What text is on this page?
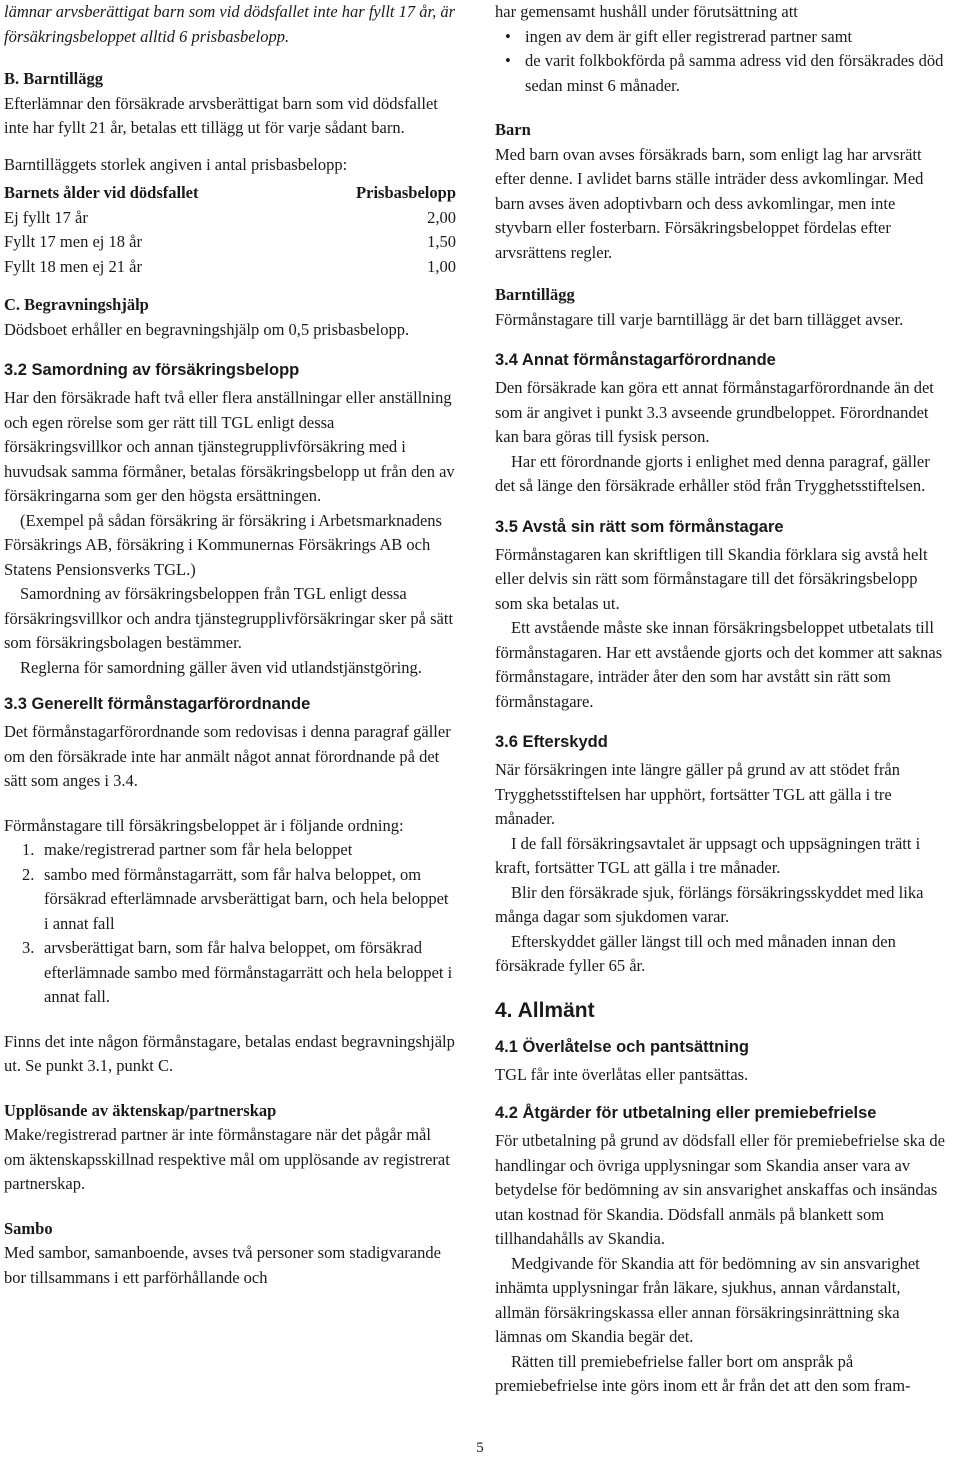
lämnar arvsberättigat barn som vid dödsfallet inte har fyllt 17 år, är försäkringsbeloppet alltid 6 prisbasbelopp.

B. Barntillägg

Efterlämnar den försäkrade arvsberättigat barn som vid dödsfallet inte har fyllt 21 år, betalas ett tillägg ut för varje sådant barn.

Barntilläggets storlek angiven i antal prisbasbelopp:

Barnets ålder vid dödsfallet	Prisbasbelopp
Ej fyllt 17 år	2,00
Fyllt 17 men ej 18 år	1,50
Fyllt 18 men ej 21 år	1,00

C. Begravningshjälp

Dödsboet erhåller en begravningshjälp om 0,5 prisbasbelopp.

3.2 Samordning av försäkringsbelopp

Har den försäkrade haft två eller flera anställningar eller anställning och egen rörelse som ger rätt till TGL enligt dessa försäkringsvillkor och annan tjänstegrupplivförsäkring med i huvudsak samma förmåner, betalas försäkringsbelopp ut från den av försäkringarna som ger den högsta ersättningen.

(Exempel på sådan försäkring är försäkring i Arbetsmarknadens Försäkrings AB, försäkring i Kommunernas Försäkrings AB och Statens Pensionsverks TGL.)

Samordning av försäkringsbeloppen från TGL enligt dessa försäkringsvillkor och andra tjänstegrupplivförsäkringar sker på sätt som försäkringsbolagen bestämmer.

Reglerna för samordning gäller även vid utlandstjänstgöring.

3.3 Generellt förmånstagarförordnande

Det förmånstagarförordnande som redovisas i denna paragraf gäller om den försäkrade inte har anmält något annat förordnande på det sätt som anges i 3.4.

Förmånstagare till försäkringsbeloppet är i följande ordning:

1. make/registrerad partner som får hela beloppet
2. sambo med förmånstagarrätt, som får halva beloppet, om försäkrad efterlämnade arvsberättigat barn, och hela beloppet i annat fall
3. arvsberättigat barn, som får halva beloppet, om försäkrad efterlämnade sambo med förmånstagarrätt och hela beloppet i annat fall.

Finns det inte någon förmånstagare, betalas endast begravningshjälp ut. Se punkt 3.1, punkt C.

Upplösande av äktenskap/partnerskap

Make/registrerad partner är inte förmånstagare när det pågår mål om äktenskapsskillnad respektive mål om upplösande av registrerat partnerskap.

Sambo

Med sambor, samanboende, avses två personer som stadigvarande bor tillsammans i ett parförhållande och

har gemensamt hushåll under förutsättning att

• ingen av dem är gift eller registrerad partner samt
• de varit folkbokförda på samma adress vid den försäkrades död sedan minst 6 månader.

Barn

Med barn ovan avses försäkrads barn, som enligt lag har arvsrätt efter denne. I avlidet barns ställe inträder dess avkomlingar. Med barn avses även adoptivbarn och dess avkomlingar, men inte styvbarn eller fosterbarn. Försäkringsbeloppet fördelas efter arvsrättens regler.

Barntillägg

Förmånstagare till varje barntillägg är det barn tillägget avser.

3.4 Annat förmånstagarförordnande

Den försäkrade kan göra ett annat förmånstagarförordnande än det som är angivet i punkt 3.3 avseende grundbeloppet. Förordnandet kan bara göras till fysisk person.

Har ett förordnande gjorts i enlighet med denna paragraf, gäller det så länge den försäkrade erhåller stöd från Trygghetsstiftelsen.

3.5 Avstå sin rätt som förmånstagare

Förmånstagaren kan skriftligen till Skandia förklara sig avstå helt eller delvis sin rätt som förmånstagare till det försäkringsbelopp som ska betalas ut.

Ett avstående måste ske innan försäkringsbeloppet utbetalats till förmånstagaren. Har ett avstående gjorts och det kommer att saknas förmånstagare, inträder åter den som har avstått sin rätt som förmånstagare.

3.6 Efterskydd

När försäkringen inte längre gäller på grund av att stödet från Trygghetsstiftelsen har upphört, fortsätter TGL att gälla i tre månader.

I de fall försäkringsavtalet är uppsagt och uppsägningen trätt i kraft, fortsätter TGL att gälla i tre månader.

Blir den försäkrade sjuk, förlängs försäkringsskyddet med lika många dagar som sjukdomen varar.

Efterskyddet gäller längst till och med månaden innan den försäkrade fyller 65 år.

4. Allmänt
4.1 Överlåtelse och pantsättning

TGL får inte överlåtas eller pantsättas.

4.2 Åtgärder för utbetalning eller premiebefrielse

För utbetalning på grund av dödsfall eller för premiebefrielse ska de handlingar och övriga upplysningar som Skandia anser vara av betydelse för bedömning av sin ansvarighet anskaffas och insändas utan kostnad för Skandia. Dödsfall anmäls på blankett som tillhandahålls av Skandia.

Medgivande för Skandia att för bedömning av sin ansvarighet inhämta upplysningar från läkare, sjukhus, annan vårdanstalt, allmän försäkringskassa eller annan försäkringsinrättning ska lämnas om Skandia begär det.

Rätten till premiebefrielse faller bort om anspråk på premiebefrielse inte görs inom ett år från det att den som fram-

5
